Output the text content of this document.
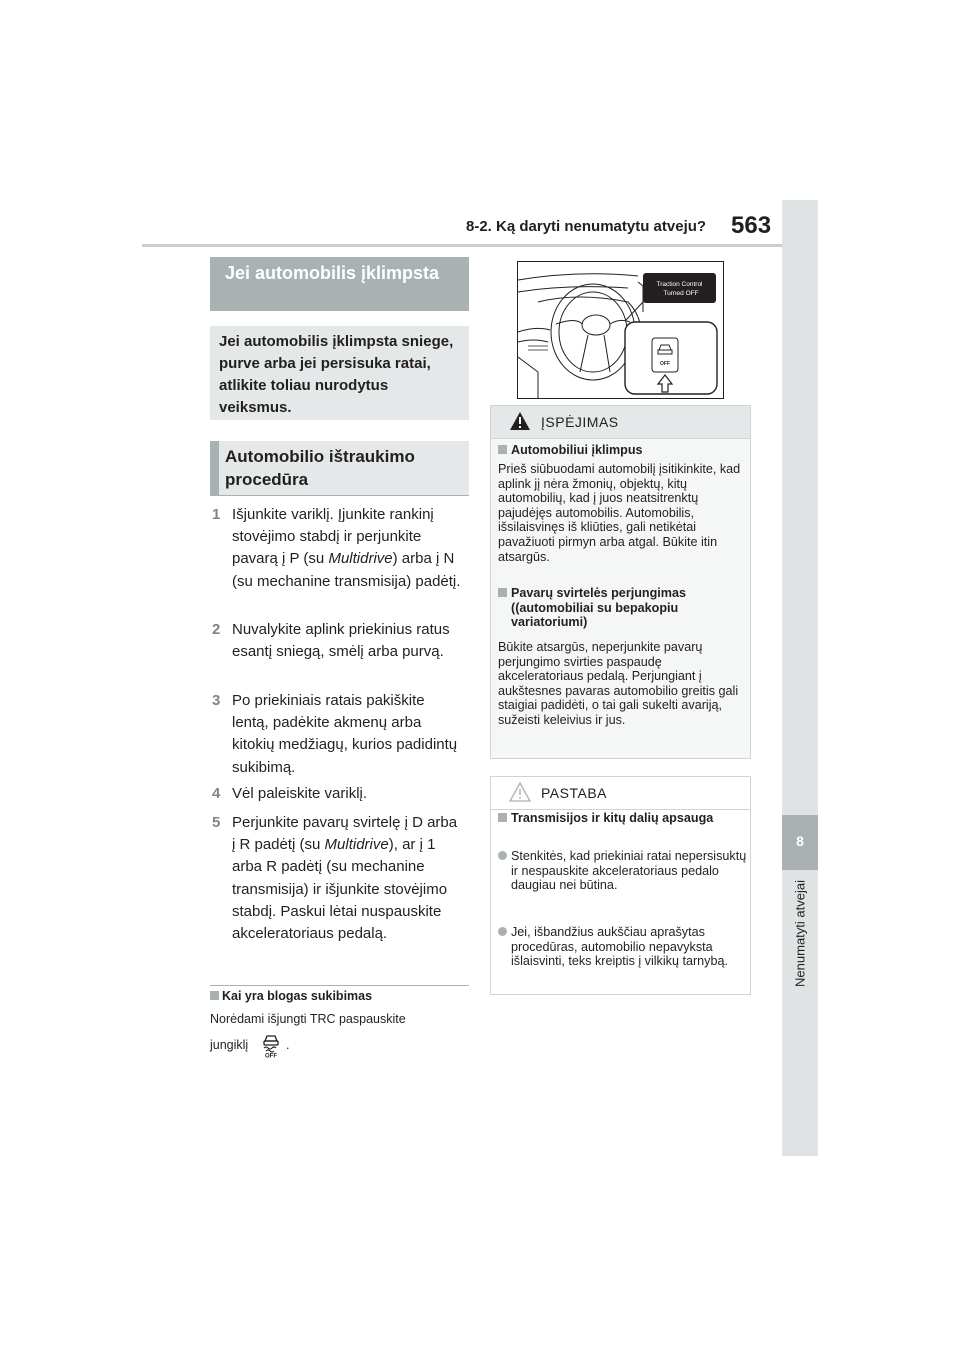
8-2. Ką daryti nenumatytu atveju? 563
8
Nenumatyti atvejai
Jei automobilis įklimpsta
Jei automobilis įklimpsta sniege, purve arba jei persisuka ratai, atlikite toliau nurodytus veiksmus.
Automobilio ištraukimo procedūra
1 Išjunkite variklį. Įjunkite rankinį stovėjimo stabdį ir perjunkite pavarą į P (su Multidrive) arba į N (su mechanine transmisija) padėtį.
2 Nuvalykite aplink priekinius ratus esantį sniegą, smėlį arba purvą.
3 Po priekiniais ratais pakiškite lentą, padėkite akmenų arba kitokių medžiagų, kurios padidintų sukibimą.
4 Vėl paleiskite variklį.
5 Perjunkite pavarų svirtelę į D arba į R padėtį (su Multidrive), ar į 1 arba R padėtį (su mechanine transmisija) ir išjunkite stovėjimo stabdį. Paskui lėtai nuspauskite akceleratoriaus pedalą.
Kai yra blogas sukibimas
Norėdami išjungti TRC paspauskite
jungiklį
OFF
.
Traction Control
Turned OFF
OFF
ĮSPĖJIMAS
Automobiliui įklimpus
Prieš siūbuodami automobilį įsitikinkite, kad aplink jį nėra žmonių, objektų, kitų automobilių, kad į juos neatsitrenktų pajudėjęs automobilis. Automobilis, išsilaisvinęs iš kliūties, gali netikėtai pavažiuoti pirmyn arba atgal. Būkite itin atsargūs.
Pavarų svirtelės perjungimas ((automobiliai su bepakopiu variatoriumi)
Būkite atsargūs, neperjunkite pavarų perjungimo svirties paspaudę akceleratoriaus pedalą. Perjungiant į aukštesnes pavaras automobilio greitis gali staigiai padidėti, o tai gali sukelti avariją, sužeisti keleivius ir jus.
PASTABA
Transmisijos ir kitų dalių apsauga
Stenkitės, kad priekiniai ratai nepersisuktų ir nespauskite akceleratoriaus pedalo daugiau nei būtina.
Jei, išbandžius aukščiau aprašytas procedūras, automobilio nepavyksta išlaisvinti, teks kreiptis į vilkikų tarnybą.
